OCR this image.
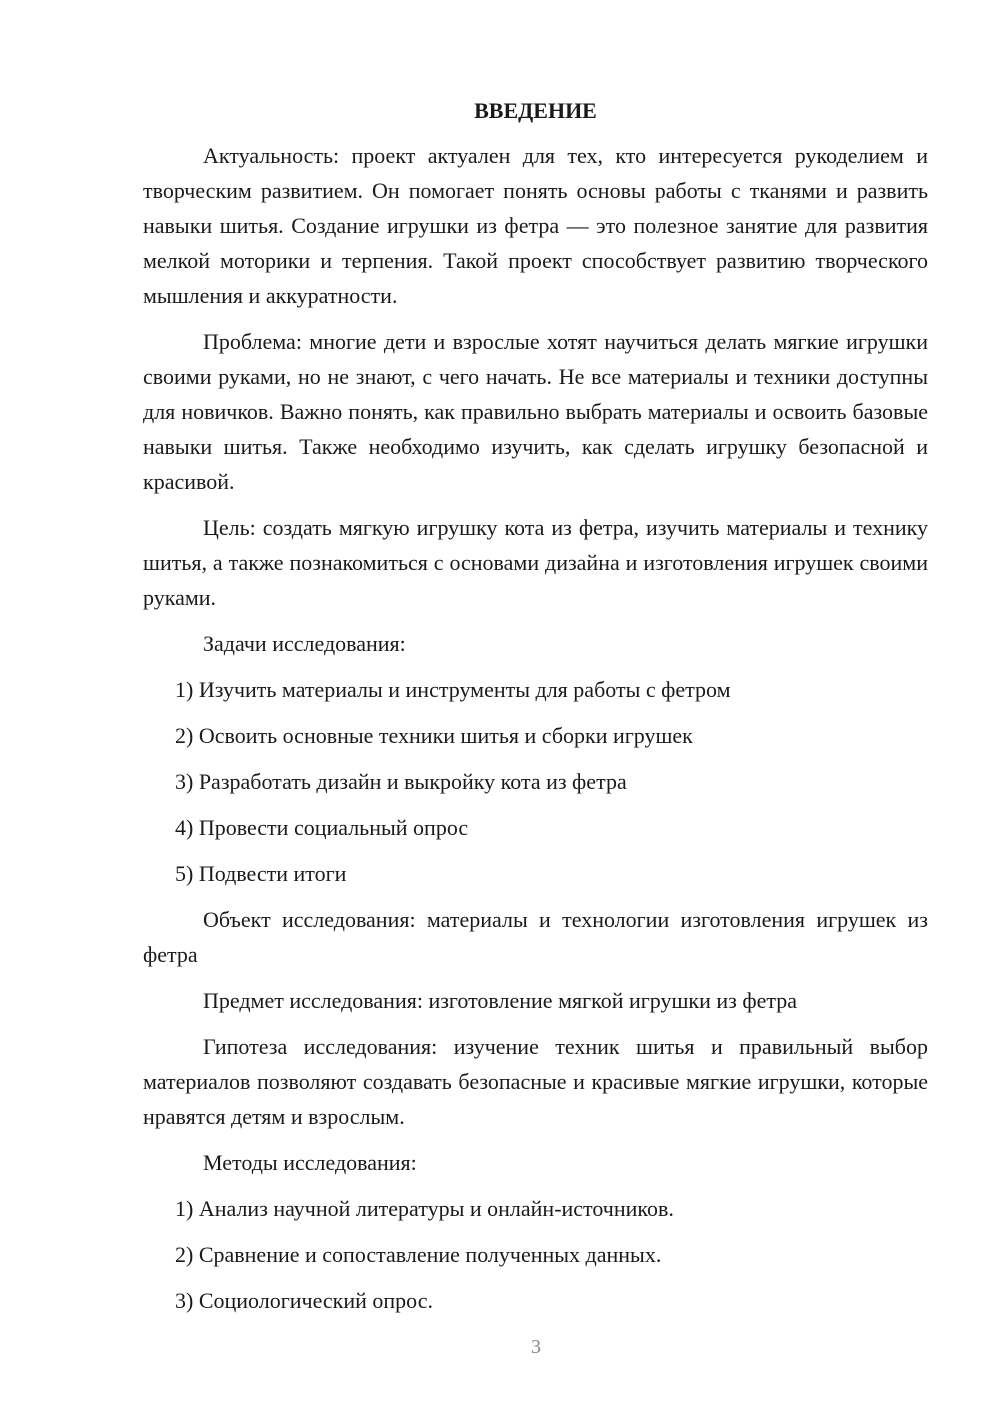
ВВЕДЕНИЕ

Актуальность: проект актуален для тех, кто интересуется рукоделием и творческим развитием. Он помогает понять основы работы с тканями и развить навыки шитья. Создание игрушки из фетра — это полезное занятие для развития мелкой моторики и терпения. Такой проект способствует развитию творческого мышления и аккуратности.

Проблема: многие дети и взрослые хотят научиться делать мягкие игрушки своими руками, но не знают, с чего начать. Не все материалы и техники доступны для новичков. Важно понять, как правильно выбрать материалы и освоить базовые навыки шитья. Также необходимо изучить, как сделать игрушку безопасной и красивой.

Цель: создать мягкую игрушку кота из фетра, изучить материалы и технику шитья, а также познакомиться с основами дизайна и изготовления игрушек своими руками.

Задачи исследования:

1) Изучить материалы и инструменты для работы с фетром
2) Освоить основные техники шитья и сборки игрушек
3) Разработать дизайн и выкройку кота из фетра
4) Провести социальный опрос
5) Подвести итоги

Объект исследования: материалы и технологии изготовления игрушек из фетра

Предмет исследования: изготовление мягкой игрушки из фетра

Гипотеза исследования: изучение техник шитья и правильный выбор материалов позволяют создавать безопасные и красивые мягкие игрушки, которые нравятся детям и взрослым.

Методы исследования:

1) Анализ научной литературы и онлайн-источников.
2) Сравнение и сопоставление полученных данных.
3) Социологический опрос.
3
